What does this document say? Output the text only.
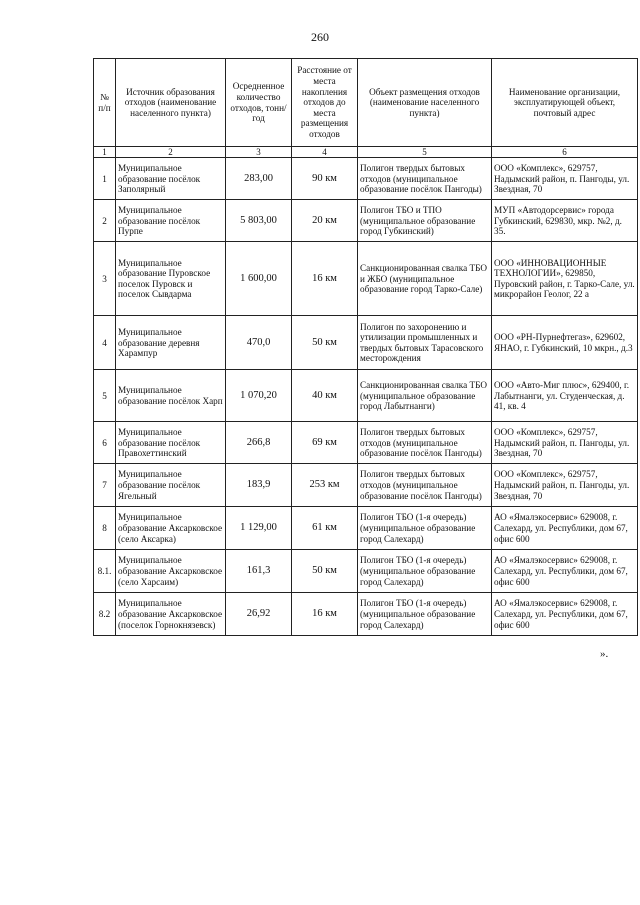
260
№ п/п	Источник образования отходов (наименование населенного пункта)	Осредненное количество отходов, тонн/год	Расстояние от места накопления отходов до места размещения отходов	Объект размещения отходов (наименование населенного пункта)	Наименование организации, эксплуатирующей объект, почтовый адрес
1	2	3	4	5	6
1	Муниципальное образование посёлок Заполярный	283,00	90 км	Полигон твердых бытовых отходов (муниципальное образование посёлок Пангоды)	ООО «Комплекс», 629757, Надымский район, п. Пангоды, ул. Звездная, 70
2	Муниципальное образование посёлок Пурпе	5 803,00	20 км	Полигон ТБО и ТПО (муниципальное образование город Губкинский)	МУП «Автодорсервис» города Губкинский, 629830, мкр. №2, д. 35.
3	Муниципальное образование Пуровское поселок Пуровск и поселок Сывдарма	1 600,00	16 км	Санкционированная свалка ТБО и ЖБО (муниципальное образование город Тарко-Сале)	ООО «ИННОВАЦИОННЫЕ ТЕХНОЛОГИИ», 629850, Пуровский район, г. Тарко-Сале, ул. микрорайон Геолог, 22 а
4	Муниципальное образование деревня Харампур	470,0	50 км	Полигон по захоронению и утилизации промышленных и твердых бытовых Тарасовского месторождения	ООО «РН-Пурнефтегаз», 629602, ЯНАО, г. Губкинский, 10 мкрн., д.3
5	Муниципальное образование посёлок Харп	1 070,20	40 км	Санкционированная свалка ТБО (муниципальное образование город Лабытнанги)	ООО «Авто-Миг плюс», 629400, г. Лабытнанги, ул. Студенческая, д. 41, кв. 4
6	Муниципальное образование посёлок Правохеттинский	266,8	69 км	Полигон твердых бытовых отходов (муниципальное образование посёлок Пангоды)	ООО «Комплекс», 629757, Надымский район, п. Пангоды, ул. Звездная, 70
7	Муниципальное образование посёлок Ягельный	183,9	253 км	Полигон твердых бытовых отходов (муниципальное образование посёлок Пангоды)	ООО «Комплекс», 629757, Надымский район, п. Пангоды, ул. Звездная, 70
8	Муниципальное образование Аксарковское (село Аксарка)	1 129,00	61 км	Полигон ТБО (1-я очередь) (муниципальное образование город Салехард)	АО «Ямалэкосервис» 629008, г. Салехард, ул. Республики, дом 67, офис 600
8.1.	Муниципальное образование Аксарковское (село Харсаим)	161,3	50 км	Полигон ТБО (1-я очередь) (муниципальное образование город Салехард)	АО «Ямалэкосервис» 629008, г. Салехард, ул. Республики, дом 67, офис 600
8.2	Муниципальное образование Аксарковское (поселок Горнокнязевск)	26,92	16 км	Полигон ТБО (1-я очередь) (муниципальное образование город Салехард)	АО «Ямалэкосервис» 629008, г. Салехард, ул. Республики, дом 67, офис 600
».
